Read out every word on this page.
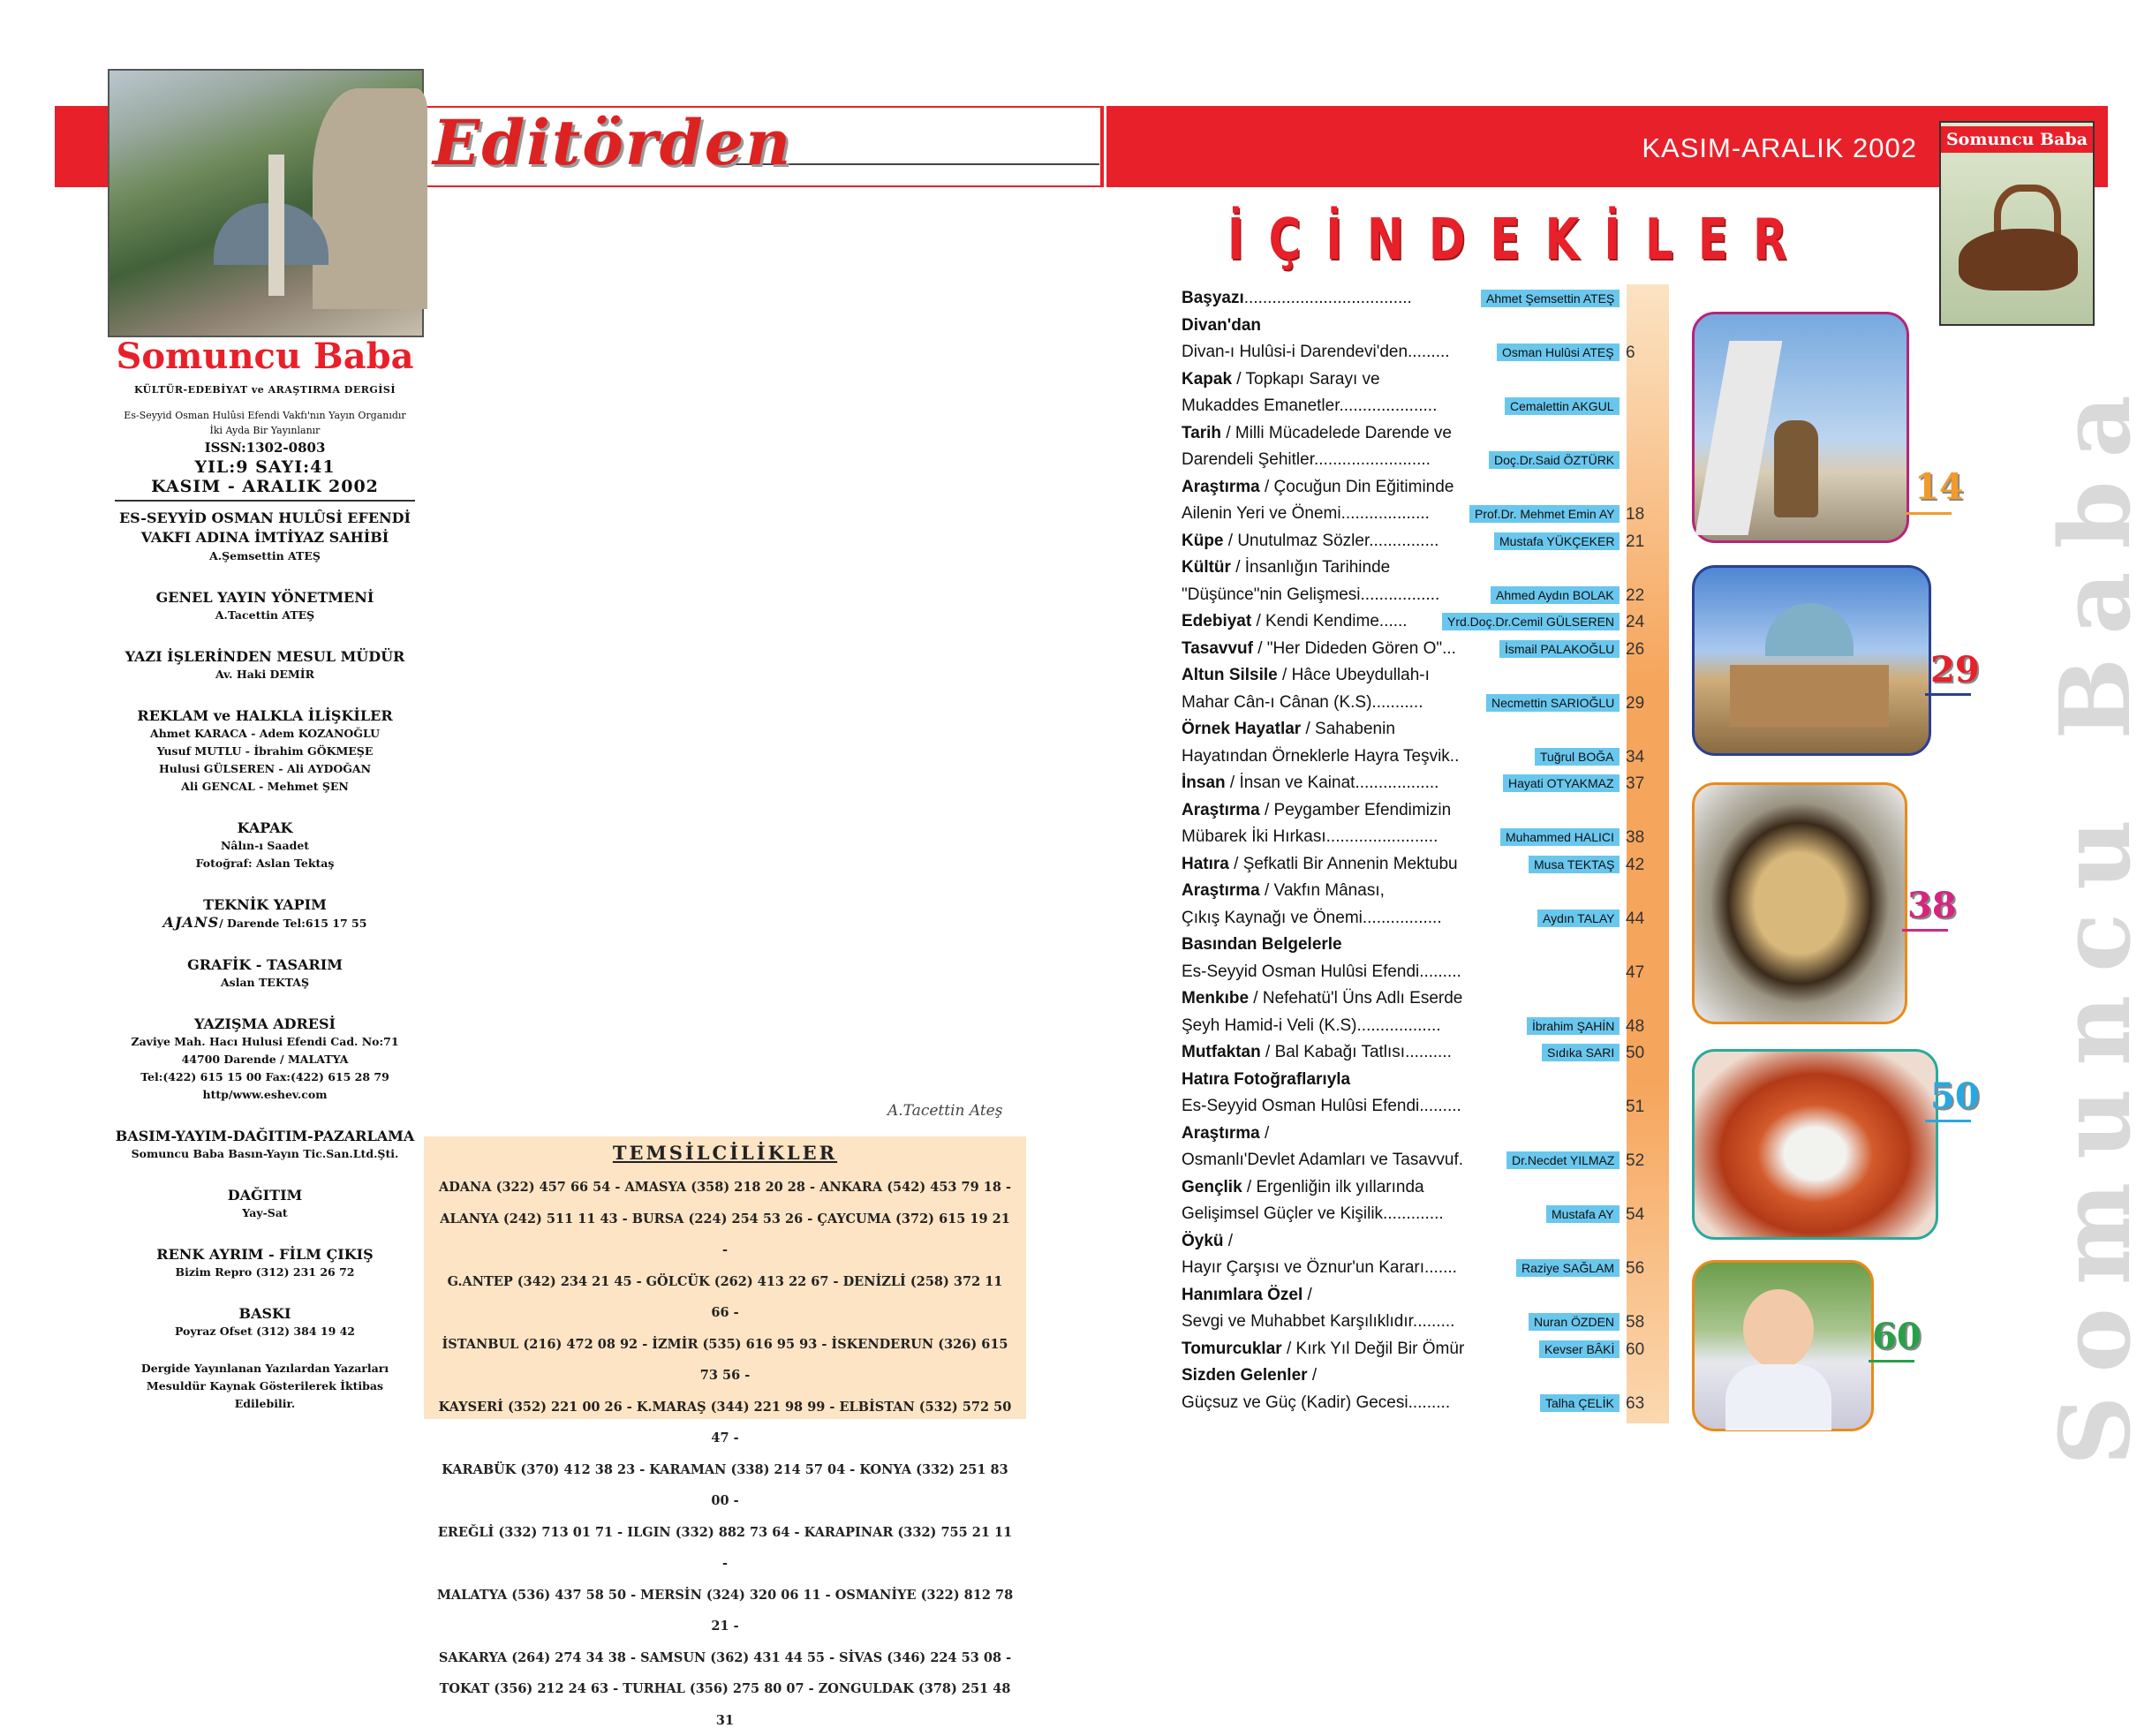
Editörden	KASIM-ARALIK 2002
Somuncu Baba
KÜLTÜR-EDEBİYAT ve ARAŞTIRMA DERGİSİ
Es-Seyyid Osman Hulûsi Efendi Vakfı'nın Yayın Organıdır
İki Ayda Bir Yayınlanır
ISSN:1302-0803
YIL:9 SAYI:41
KASIM - ARALIK 2002
ES-SEYYİD OSMAN HULÛSİ EFENDİ
VAKFI ADINA İMTİYAZ SAHİBİ
A.Şemsettin ATEŞ
GENEL YAYIN YÖNETMENİ
A.Tacettin ATEŞ
YAZI İŞLERİNDEN MESUL MÜDÜR
Av. Haki DEMİR
REKLAM ve HALKLA İLİŞKİLER
Ahmet KARACA - Adem KOZANOĞLU
Yusuf MUTLU - İbrahim GÖKMEŞE
Hulusi GÜLSEREN - Ali AYDOĞAN
Ali GENCAL - Mehmet ŞEN
KAPAK
Nâlın-ı Saadet
Fotoğraf: Aslan Tektaş
TEKNİK YAPIM
AJANS/ Darende Tel:615 17 55
GRAFİK - TASARIM
Aslan TEKTAŞ
YAZIŞMA ADRESİ
Zaviye Mah. Hacı Hulusi Efendi Cad. No:71
44700 Darende / MALATYA
Tel:(422) 615 15 00 Fax:(422) 615 28 79
http/www.eshev.com
BASIM-YAYIM-DAĞITIM-PAZARLAMA
Somuncu Baba Basın-Yayın Tic.San.Ltd.Şti.
DAĞITIM
Yay-Sat
RENK AYRIM - FİLM ÇIKIŞ
Bizim Repro (312) 231 26 72
BASKI
Poyraz Ofset (312) 384 19 42
Dergide Yayınlanan Yazılardan Yazarları
Mesuldür Kaynak Gösterilerek İktibas
Edilebilir.
A.Tacettin Ateş
TEMSİLCİLİKLER
ADANA (322) 457 66 54 - AMASYA (358) 218 20 28 - ANKARA (542) 453 79 18 -
ALANYA (242) 511 11 43 - BURSA (224) 254 53 26 - ÇAYCUMA (372) 615 19 21 -
G.ANTEP (342) 234 21 45 - GÖLCÜK (262) 413 22 67 - DENİZLİ (258) 372 11 66 -
İSTANBUL (216) 472 08 92 - İZMİR (535) 616 95 93 - İSKENDERUN (326) 615 73 56 -
KAYSERİ (352) 221 00 26 - K.MARAŞ (344) 221 98 99 - ELBİSTAN (532) 572 50 47 -
KARABÜK (370) 412 38 23 - KARAMAN (338) 214 57 04 - KONYA (332) 251 83 00 -
EREĞLİ (332) 713 01 71 - ILGIN (332) 882 73 64 - KARAPINAR (332) 755 21 11 -
MALATYA (536) 437 58 50 - MERSİN (324) 320 06 11 - OSMANİYE (322) 812 78 21 -
SAKARYA (264) 274 34 38 - SAMSUN (362) 431 44 55 - SİVAS (346) 224 53 08 -
TOKAT (356) 212 24 63 - TURHAL (356) 275 80 07 - ZONGULDAK (378) 251 48 31
İÇİNDEKİLER
Başyazı....................................	Ahmet Şemsettin ATEŞ
Divan'dan
Divan-ı Hulûsi-i Darendevi'den.........	Osman Hulûsi ATEŞ 6
Kapak / Topkapı Sarayı ve
Mukaddes Emanetler.....................	Cemalettin AKGUL
Tarih / Milli Mücadelede Darende ve
Darendeli Şehitler.........................	Doç.Dr.Said ÖZTÜRK
Araştırma / Çocuğun Din Eğitiminde
Ailenin Yeri ve Önemi...................	Prof.Dr. Mehmet Emin AY 18
Küpe / Unutulmaz Sözler...............	Mustafa YÜKÇEKER 21
Kültür / İnsanlığın Tarihinde
"Düşünce"nin Gelişmesi.................	Ahmed Aydın BOLAK 22
Edebiyat / Kendi Kendime......	Yrd.Doç.Dr.Cemil GÜLSEREN 24
Tasavvuf / "Her Dideden Gören O"...	İsmail PALAKOĞLU 26
Altun Silsile / Hâce Ubeydullah-ı
Mahar Cân-ı Cânan (K.S)...........	Necmettin SARIOĞLU 29
Örnek Hayatlar / Sahabenin
Hayatından Örneklerle Hayra Teşvik..	Tuğrul BOĞA 34
İnsan / İnsan ve Kainat..................	Hayati OTYAKMAZ 37
Araştırma / Peygamber Efendimizin
Mübarek İki Hırkası........................	Muhammed HALICI 38
Hatıra / Şefkatli Bir Annenin Mektubu	Musa TEKTAŞ 42
Araştırma / Vakfın Mânası,
Çıkış Kaynağı ve Önemi.................	Aydın TALAY 44
Basından Belgelerle
Es-Seyyid Osman Hulûsi Efendi.........	47
Menkıbe / Nefehatü'l Üns Adlı Eserde
Şeyh Hamid-i Veli (K.S)..................	İbrahim ŞAHİN 48
Mutfaktan / Bal Kabağı Tatlısı..........	Sıdıka SARI 50
Hatıra Fotoğraflarıyla
Es-Seyyid Osman Hulûsi Efendi.........	51
Araştırma /
Osmanlı'Devlet Adamları ve Tasavvuf.	Dr.Necdet YILMAZ 52
Gençlik / Ergenliğin ilk yıllarında
Gelişimsel Güçler ve Kişilik.............	Mustafa AY 54
Öykü /
Hayır Çarşısı ve Öznur'un Kararı.......	Raziye SAĞLAM 56
Hanımlara Özel /
Sevgi ve Muhabbet Karşılıklıdır.........	Nuran ÖZDEN 58
Tomurcuklar / Kırk Yıl Değil Bir Ömür	Kevser BÂKİ 60
Sizden Gelenler /
Güçsuz ve Güç (Kadir) Gecesi.........	Talha ÇELİK 63
Somuncu Baba
Somuncu Baba
14
29
38
50
60
